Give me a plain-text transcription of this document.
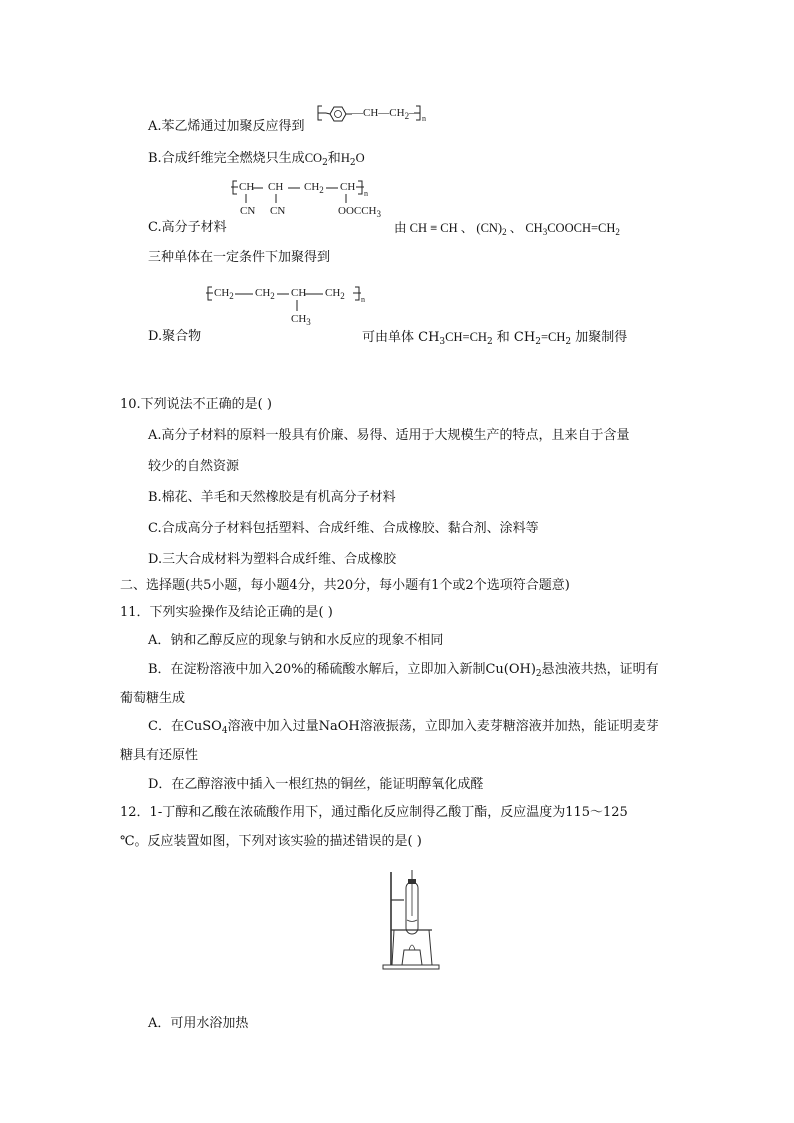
A.苯乙烯通过加聚反应得到
$—CH—CH_2—$ n
B.合成纤维完全燃烧只生成$CO_2$和$H_2O$
CH CH $CH_2$ CH
n
CN CN	$OOCCH_3$
C.高分子材料	由 CH ≡ CH 、 $(CN)_2$ 、 $CH_3COOCH=CH_2$
三种单体在一定条件下加聚得到
$CH_2$ $CH_2$ CH $CH_2$ n
$CH_3$
D.聚合物	可由单体 $CH_3CH=CH_2$ 和 $CH_2=CH_2$ 加聚制得
10.下列说法不正确的是( )
A.高分子材料的原料一般具有价廉、易得、适用于大规模生产的特点，且来自于含量
较少的自然资源
B.棉花、羊毛和天然橡胶是有机高分子材料
C.合成高分子材料包括塑料、合成纤维、合成橡胶、黏合剂、涂料等
D.三大合成材料为塑料合成纤维、合成橡胶
二、选择题(共5小题，每小题4分，共20分，每小题有1个或2个选项符合题意)
11．下列实验操作及结论正确的是( )
A．钠和乙醇反应的现象与钠和水反应的现象不相同
B．在淀粉溶液中加入20%的稀硫酸水解后，立即加入新制$Cu(OH)_2$悬浊液共热，证明有
葡萄糖生成
C．在CuSO$_4$溶液中加入过量NaOH溶液振荡，立即加入麦芽糖溶液并加热，能证明麦芽
糖具有还原性
D．在乙醇溶液中插入一根红热的铜丝，能证明醇氧化成醛
12．1-丁醇和乙酸在浓硫酸作用下，通过酯化反应制得乙酸丁酯，反应温度为115～125
℃。反应装置如图，下列对该实验的描述错误的是( )
A．可用水浴加热
